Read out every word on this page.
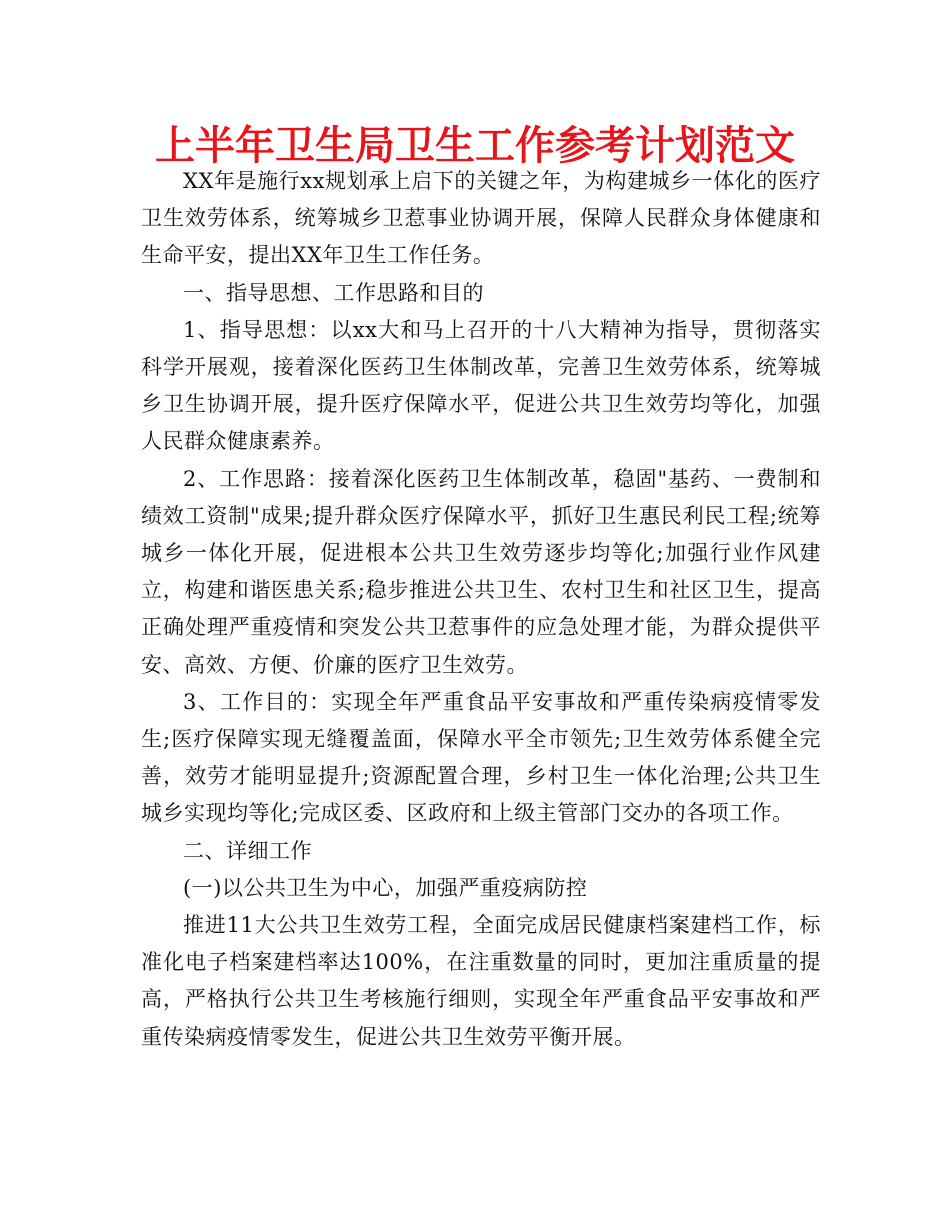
上半年卫生局卫生工作参考计划范文

XX年是施行xx规划承上启下的关键之年，为构建城乡一体化的医疗卫生效劳体系，统筹城乡卫惹事业协调开展，保障人民群众身体健康和生命平安，提出XX年卫生工作任务。

一、指导思想、工作思路和目的

1、指导思想：以xx大和马上召开的十八大精神为指导，贯彻落实科学开展观，接着深化医药卫生体制改革，完善卫生效劳体系，统筹城乡卫生协调开展，提升医疗保障水平，促进公共卫生效劳均等化，加强人民群众健康素养。

2、工作思路：接着深化医药卫生体制改革，稳固"基药、一费制和绩效工资制"成果;提升群众医疗保障水平，抓好卫生惠民利民工程;统筹城乡一体化开展，促进根本公共卫生效劳逐步均等化;加强行业作风建立，构建和谐医患关系;稳步推进公共卫生、农村卫生和社区卫生，提高正确处理严重疫情和突发公共卫惹事件的应急处理才能，为群众提供平安、高效、方便、价廉的医疗卫生效劳。

3、工作目的：实现全年严重食品平安事故和严重传染病疫情零发生;医疗保障实现无缝覆盖面，保障水平全市领先;卫生效劳体系健全完善，效劳才能明显提升;资源配置合理，乡村卫生一体化治理;公共卫生城乡实现均等化;完成区委、区政府和上级主管部门交办的各项工作。

二、详细工作

(一)以公共卫生为中心，加强严重疫病防控

推进11大公共卫生效劳工程，全面完成居民健康档案建档工作，标准化电子档案建档率达100%，在注重数量的同时，更加注重质量的提高，严格执行公共卫生考核施行细则，实现全年严重食品平安事故和严重传染病疫情零发生，促进公共卫生效劳平衡开展。
